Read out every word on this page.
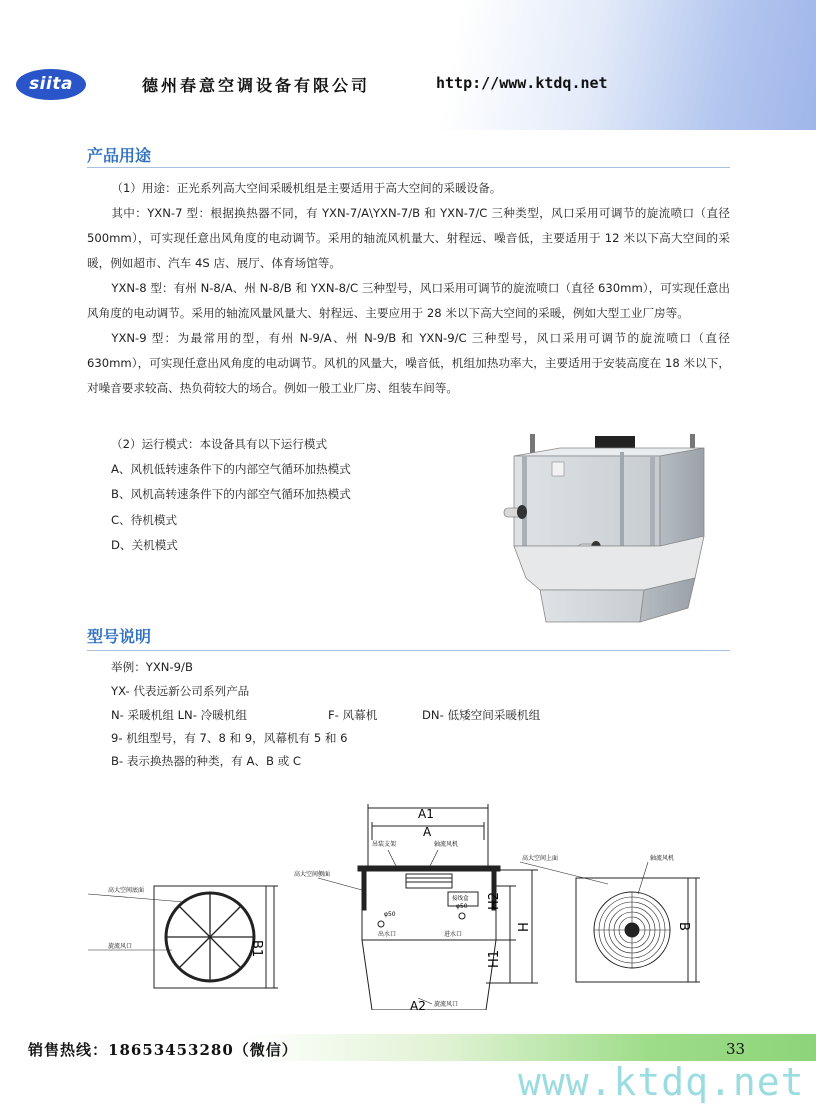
siita	德州春意空调设备有限公司	http://www.ktdq.net
产品用途

（1）用途：正光系列高大空间采暖机组是主要适用于高大空间的采暖设备。

其中：YXN-7 型：根据换热器不同，有 YXN-7/A\YXN-7/B 和 YXN-7/C 三种类型，风口采用可调节的旋流喷口（直径 500mm），可实现任意出风角度的电动调节。采用的轴流风机量大、射程远、噪音低，主要适用于 12 米以下高大空间的采暖，例如超市、汽车 4S 店、展厅、体育场馆等。

YXN-8 型：有州 N-8/A、州 N-8/B 和 YXN-8/C 三种型号，风口采用可调节的旋流喷口（直径 630mm），可实现任意出风角度的电动调节。采用的轴流风量风量大、射程远、主要应用于 28 米以下高大空间的采暖，例如大型工业厂房等。

YXN-9 型：为最常用的型，有州 N-9/A、州 N-9/B 和 YXN-9/C 三种型号，风口采用可调节的旋流喷口（直径 630mm），可实现任意出风角度的电动调节。风机的风量大，噪音低，机组加热功率大，主要适用于安装高度在 18 米以下，对噪音要求较高、热负荷较大的场合。例如一般工业厂房、组装车间等。

（2）运行模式：本设备具有以下运行模式
A、风机低转速条件下的内部空气循环加热模式
B、风机高转速条件下的内部空气循环加热模式
C、待机模式
D、关机模式
型号说明
举例：YXN-9/B
YX- 代表远新公司系列产品
N- 采暖机组 LN- 冷暖机组	F- 风幕机	DN- 低矮空间采暖机组
9- 机组型号，有 7、8 和 9，风幕机有 5 和 6
B- 表示换热器的种类，有 A、B 或 C
高大空间底面
旋流风口	B1
A1
A
吊装支架	轴流风机
高大空间侧面
接线盒
φ50
φ50
出水口	进水口
旋流风口
H2
H1
H
A2
高大空间上面	轴流风机
B
销售热线：18653453280（微信）	33
www.ktdq.net
